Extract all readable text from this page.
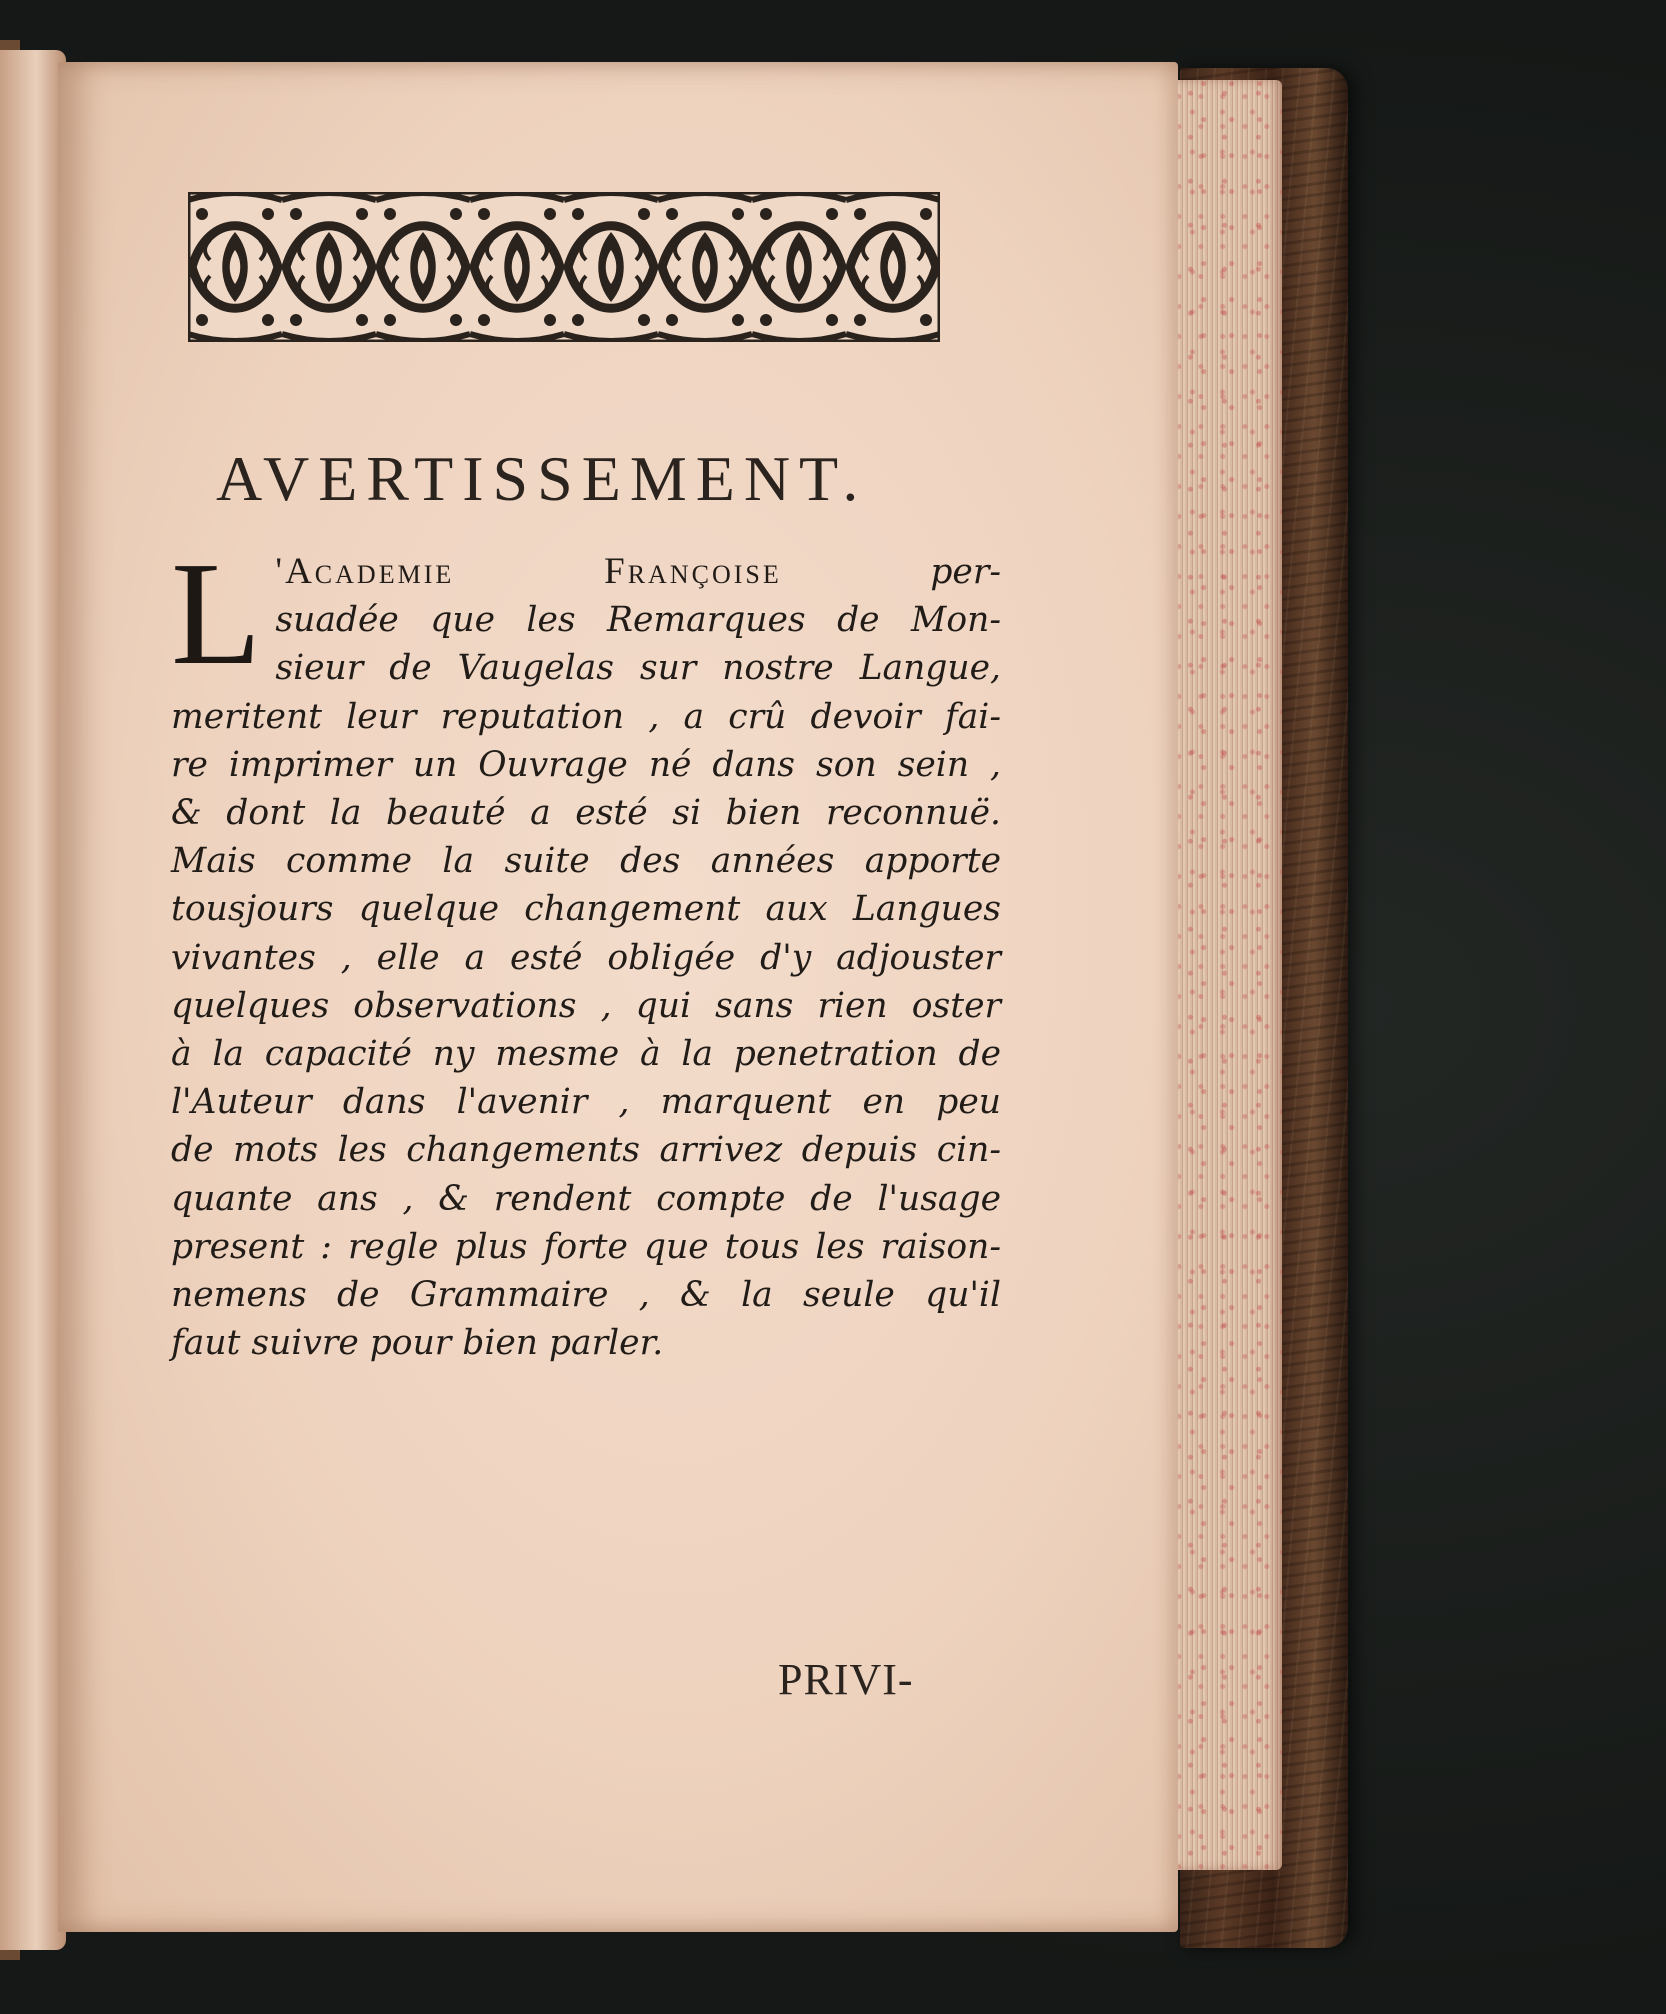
AVERTISSEMENT.
L 'Academie Françoise per-
suadée que les Remarques de Mon-
sieur de Vaugelas sur nostre Langue,
meritent leur reputation , a crû devoir fai-
re imprimer un Ouvrage né dans son sein ,
& dont la beauté a esté si bien reconnuë.
Mais comme la suite des années apporte
tousjours quelque changement aux Langues
vivantes , elle a esté obligée d'y adjouster
quelques observations , qui sans rien oster
à la capacité ny mesme à la penetration de
l'Auteur dans l'avenir , marquent en peu
de mots les changements arrivez depuis cin-
quante ans , & rendent compte de l'usage
present : regle plus forte que tous les raison-
nemens de Grammaire , & la seule qu'il
faut suivre pour bien parler.
PRIVI-
